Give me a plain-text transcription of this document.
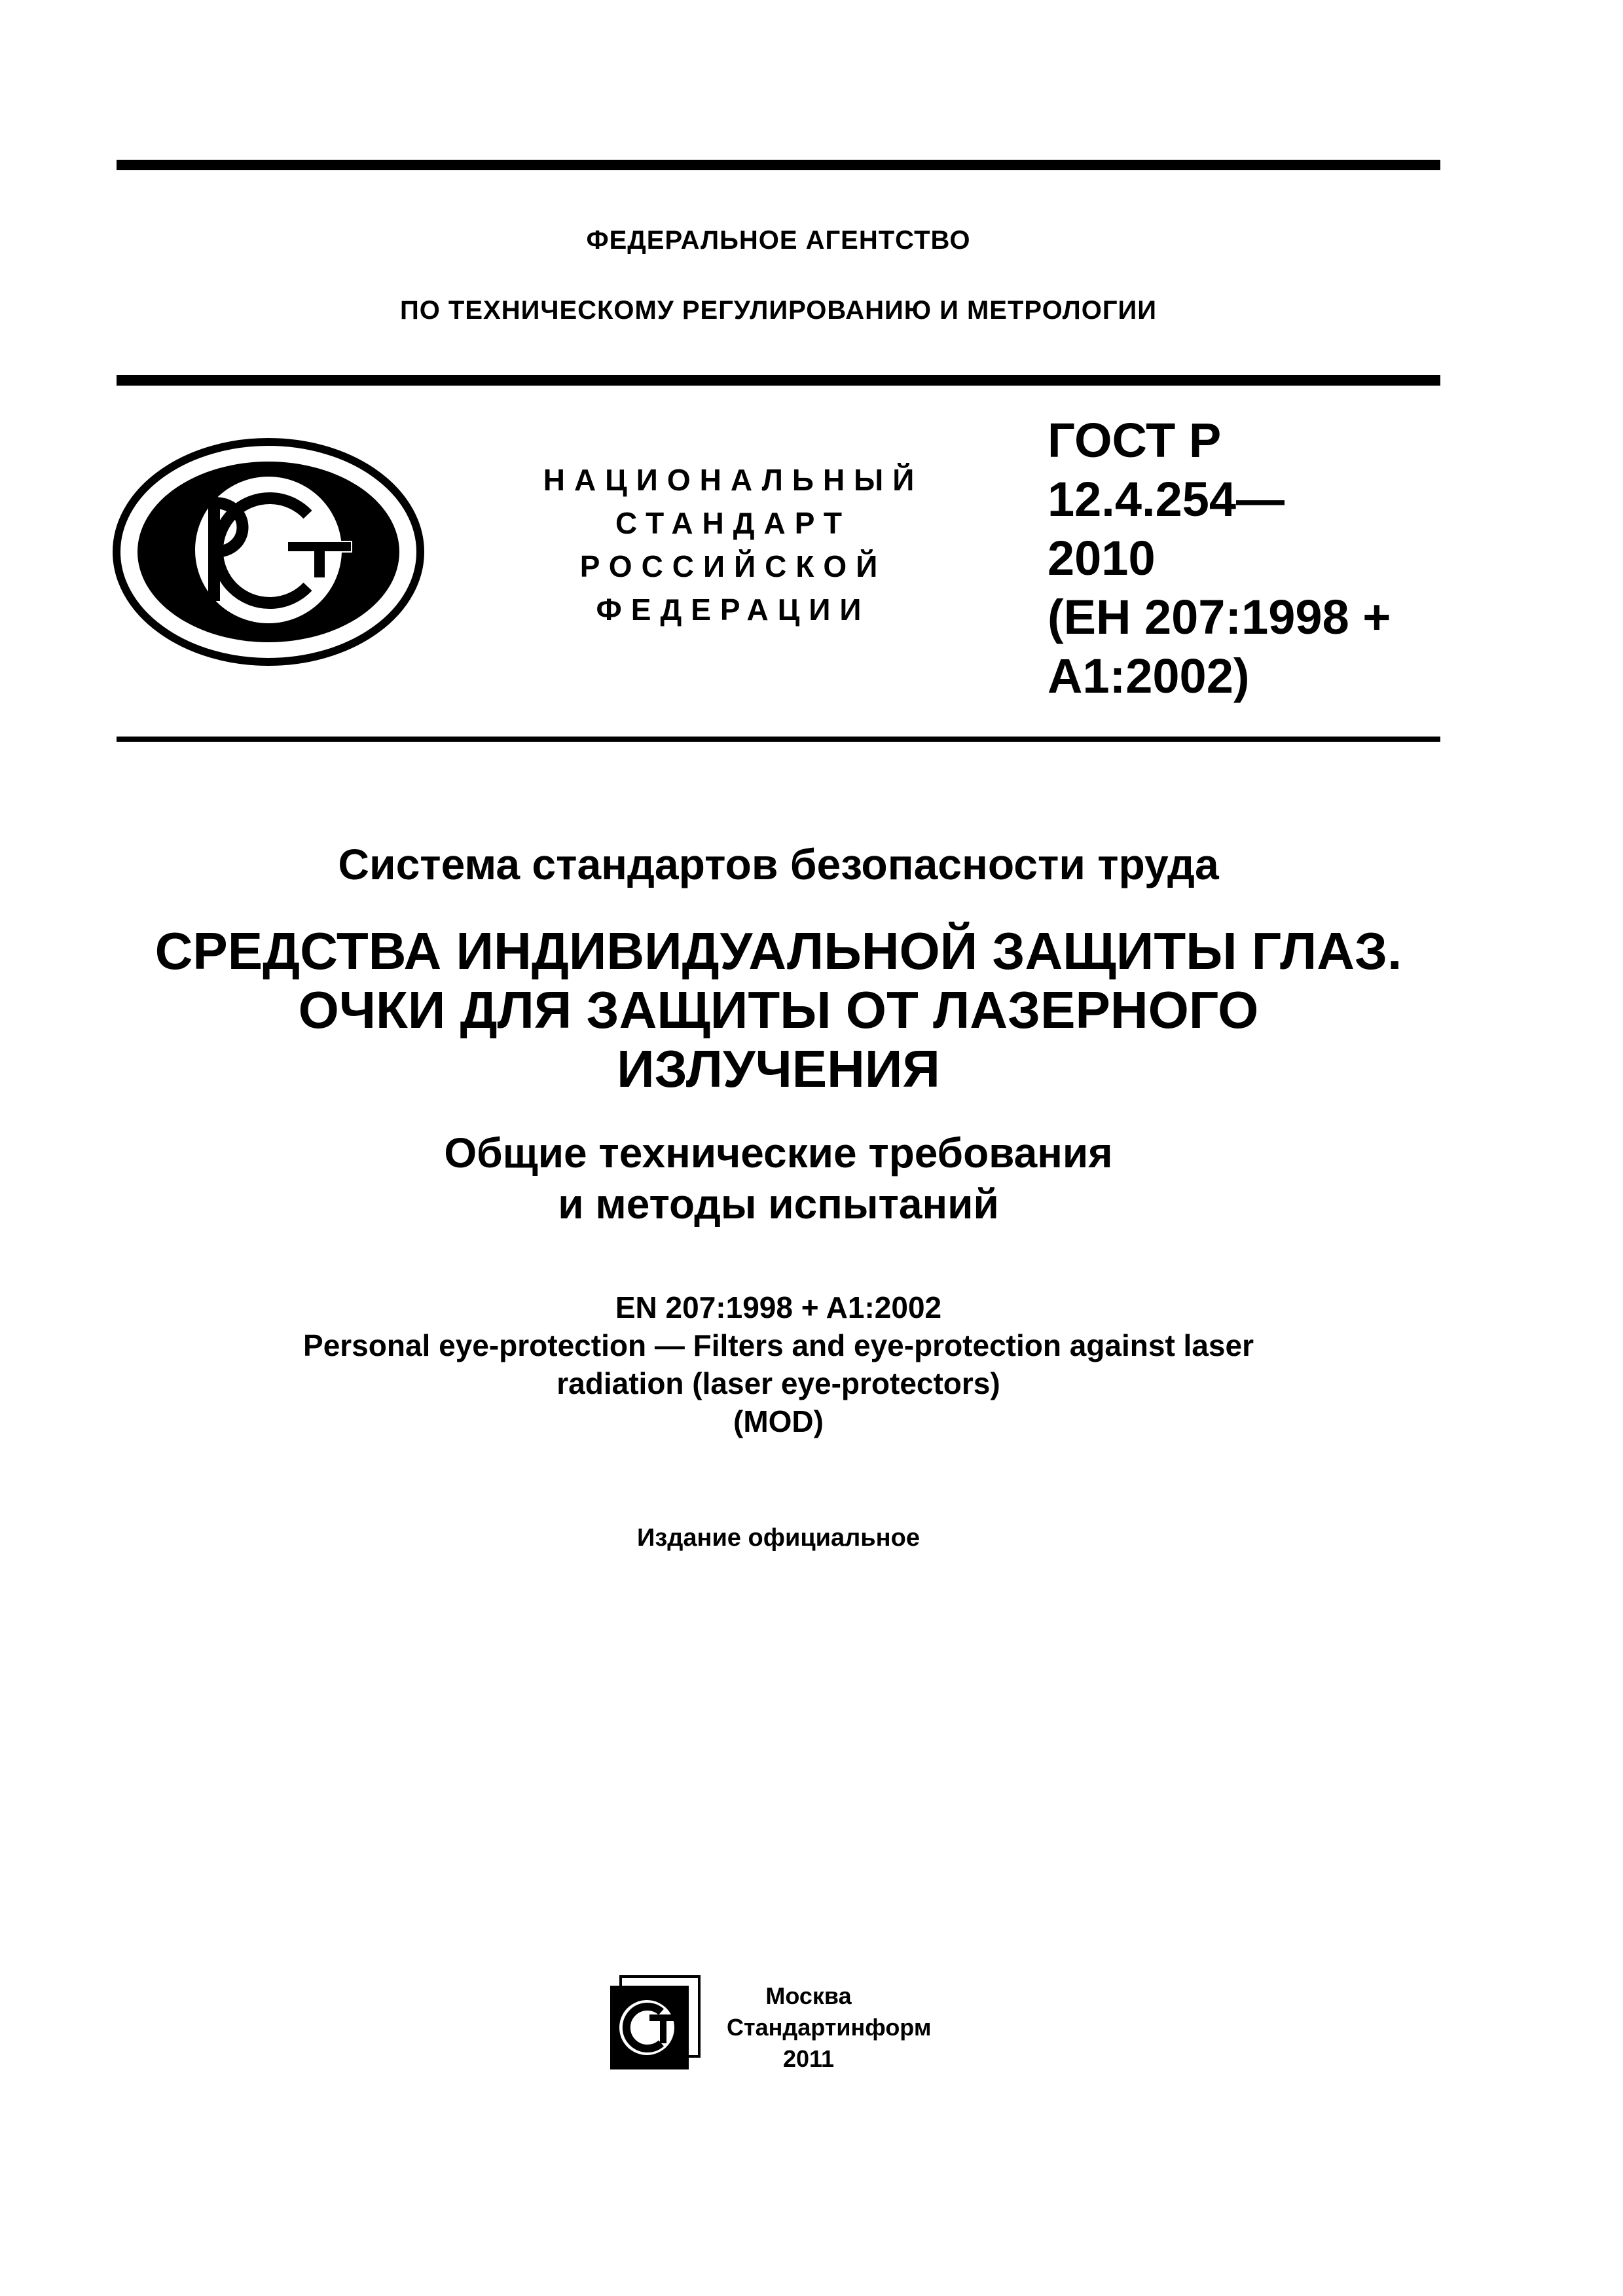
ФЕДЕРАЛЬНОЕ АГЕНТСТВО
ПО ТЕХНИЧЕСКОМУ РЕГУЛИРОВАНИЮ И МЕТРОЛОГИИ
НАЦИОНАЛЬНЫЙ
СТАНДАРТ
РОССИЙСКОЙ
ФЕДЕРАЦИИ
ГОСТ Р
12.4.254—
2010
(ЕН 207:1998 +
А1:2002)
Система стандартов безопасности труда
СРЕДСТВА ИНДИВИДУАЛЬНОЙ ЗАЩИТЫ ГЛАЗ.
ОЧКИ ДЛЯ ЗАЩИТЫ ОТ ЛАЗЕРНОГО
ИЗЛУЧЕНИЯ
Общие технические требования
и методы испытаний
EN 207:1998 + A1:2002
Personal eye-protection — Filters and eye-protection against laser
radiation (laser eye-protectors)
(MOD)
Издание официальное
Москва
Стандартинформ
2011
